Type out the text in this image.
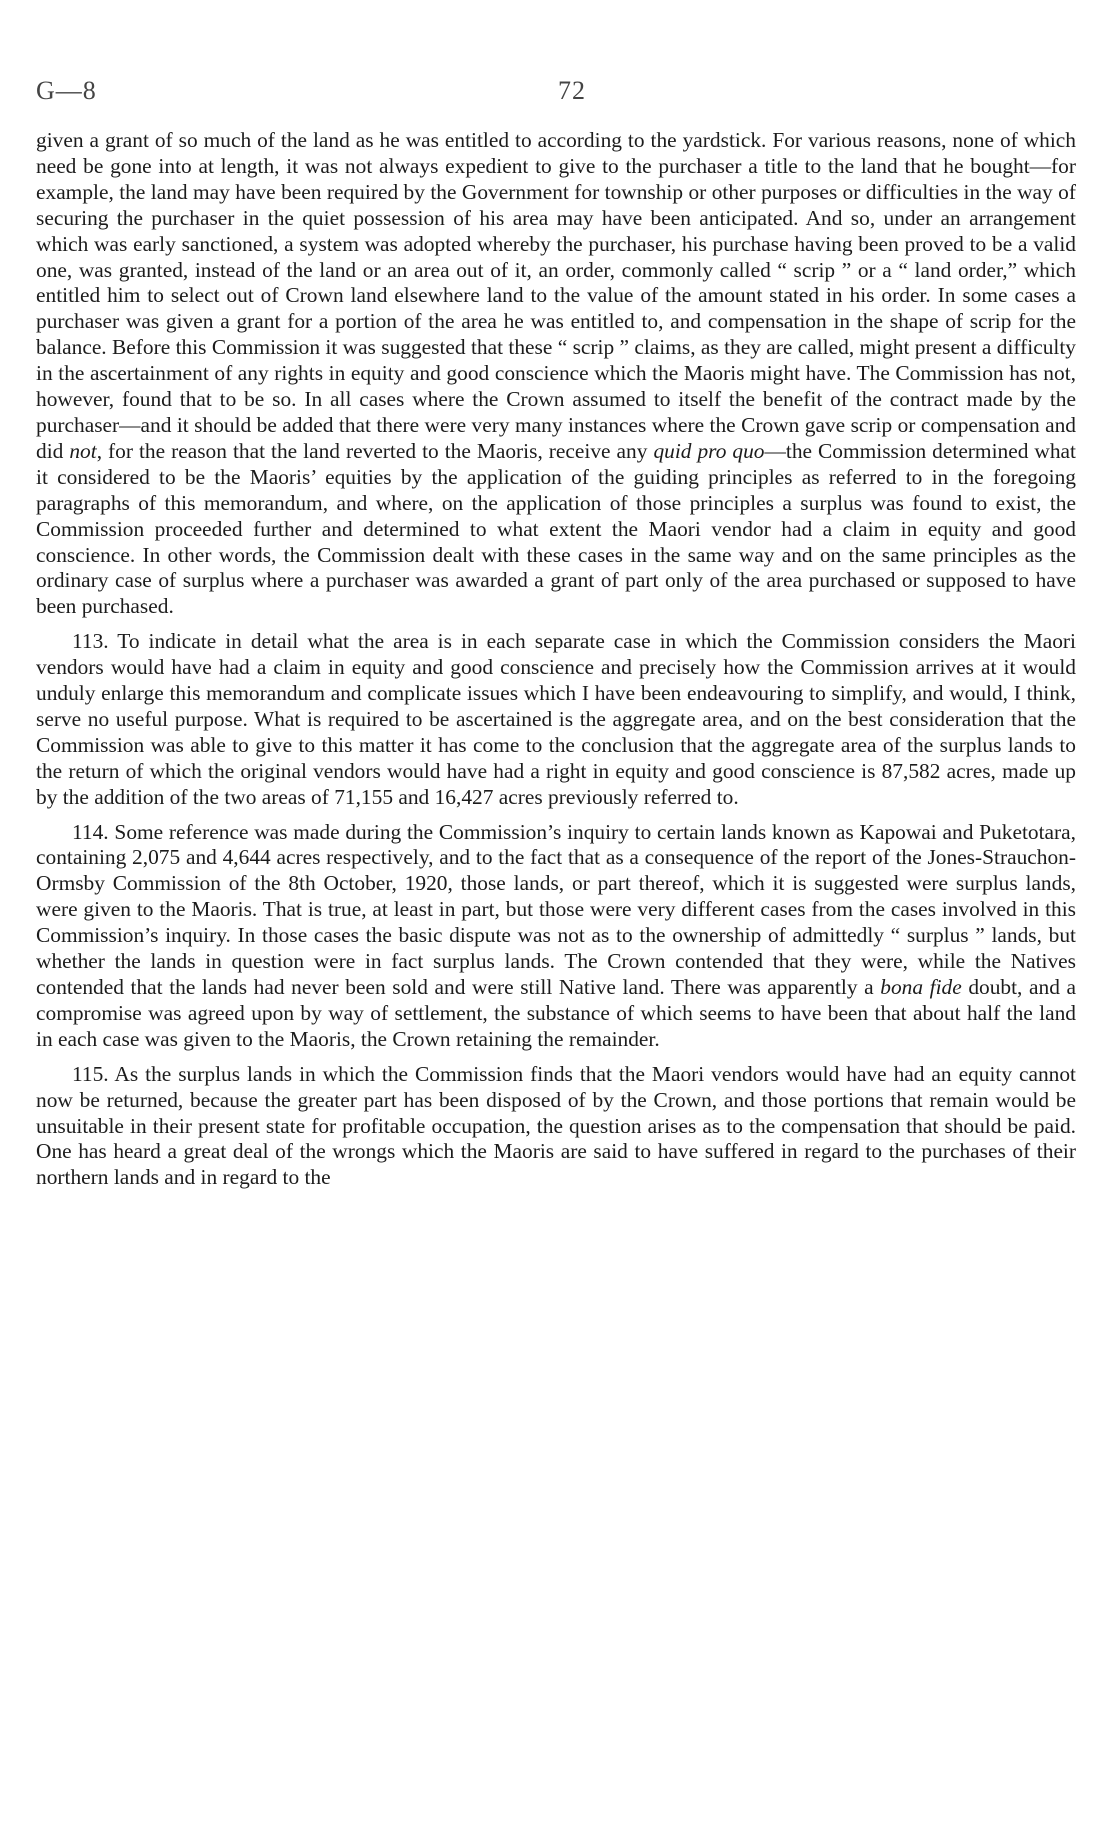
G—8	72

given a grant of so much of the land as he was entitled to according to the yardstick. For various reasons, none of which need be gone into at length, it was not always expedient to give to the purchaser a title to the land that he bought—for example, the land may have been required by the Government for township or other purposes or difficulties in the way of securing the purchaser in the quiet possession of his area may have been anticipated. And so, under an arrangement which was early sanctioned, a system was adopted whereby the purchaser, his purchase having been proved to be a valid one, was granted, instead of the land or an area out of it, an order, commonly called “ scrip ” or a “ land order,” which entitled him to select out of Crown land elsewhere land to the value of the amount stated in his order. In some cases a purchaser was given a grant for a portion of the area he was entitled to, and compensation in the shape of scrip for the balance. Before this Commission it was suggested that these “ scrip ” claims, as they are called, might present a difficulty in the ascertainment of any rights in equity and good conscience which the Maoris might have. The Commission has not, however, found that to be so. In all cases where the Crown assumed to itself the benefit of the contract made by the purchaser—and it should be added that there were very many instances where the Crown gave scrip or compensation and did not, for the reason that the land reverted to the Maoris, receive any quid pro quo—the Commission determined what it considered to be the Maoris’ equities by the application of the guiding principles as referred to in the foregoing paragraphs of this memorandum, and where, on the application of those principles a surplus was found to exist, the Commission proceeded further and determined to what extent the Maori vendor had a claim in equity and good conscience. In other words, the Commission dealt with these cases in the same way and on the same principles as the ordinary case of surplus where a purchaser was awarded a grant of part only of the area purchased or supposed to have been purchased.

113. To indicate in detail what the area is in each separate case in which the Commission considers the Maori vendors would have had a claim in equity and good conscience and precisely how the Commission arrives at it would unduly enlarge this memorandum and complicate issues which I have been endeavouring to simplify, and would, I think, serve no useful purpose. What is required to be ascertained is the aggregate area, and on the best consideration that the Commission was able to give to this matter it has come to the conclusion that the aggregate area of the surplus lands to the return of which the original vendors would have had a right in equity and good conscience is 87,582 acres, made up by the addition of the two areas of 71,155 and 16,427 acres previously referred to.

114. Some reference was made during the Commission’s inquiry to certain lands known as Kapowai and Puketotara, containing 2,075 and 4,644 acres respectively, and to the fact that as a consequence of the report of the Jones-Strauchon-Ormsby Commission of the 8th October, 1920, those lands, or part thereof, which it is suggested were surplus lands, were given to the Maoris. That is true, at least in part, but those were very different cases from the cases involved in this Commission’s inquiry. In those cases the basic dispute was not as to the ownership of admittedly “ surplus ” lands, but whether the lands in question were in fact surplus lands. The Crown contended that they were, while the Natives contended that the lands had never been sold and were still Native land. There was apparently a bona fide doubt, and a compromise was agreed upon by way of settlement, the substance of which seems to have been that about half the land in each case was given to the Maoris, the Crown retaining the remainder.

115. As the surplus lands in which the Commission finds that the Maori vendors would have had an equity cannot now be returned, because the greater part has been disposed of by the Crown, and those portions that remain would be unsuitable in their present state for profitable occupation, the question arises as to the compensation that should be paid. One has heard a great deal of the wrongs which the Maoris are said to have suffered in regard to the purchases of their northern lands and in regard to the
